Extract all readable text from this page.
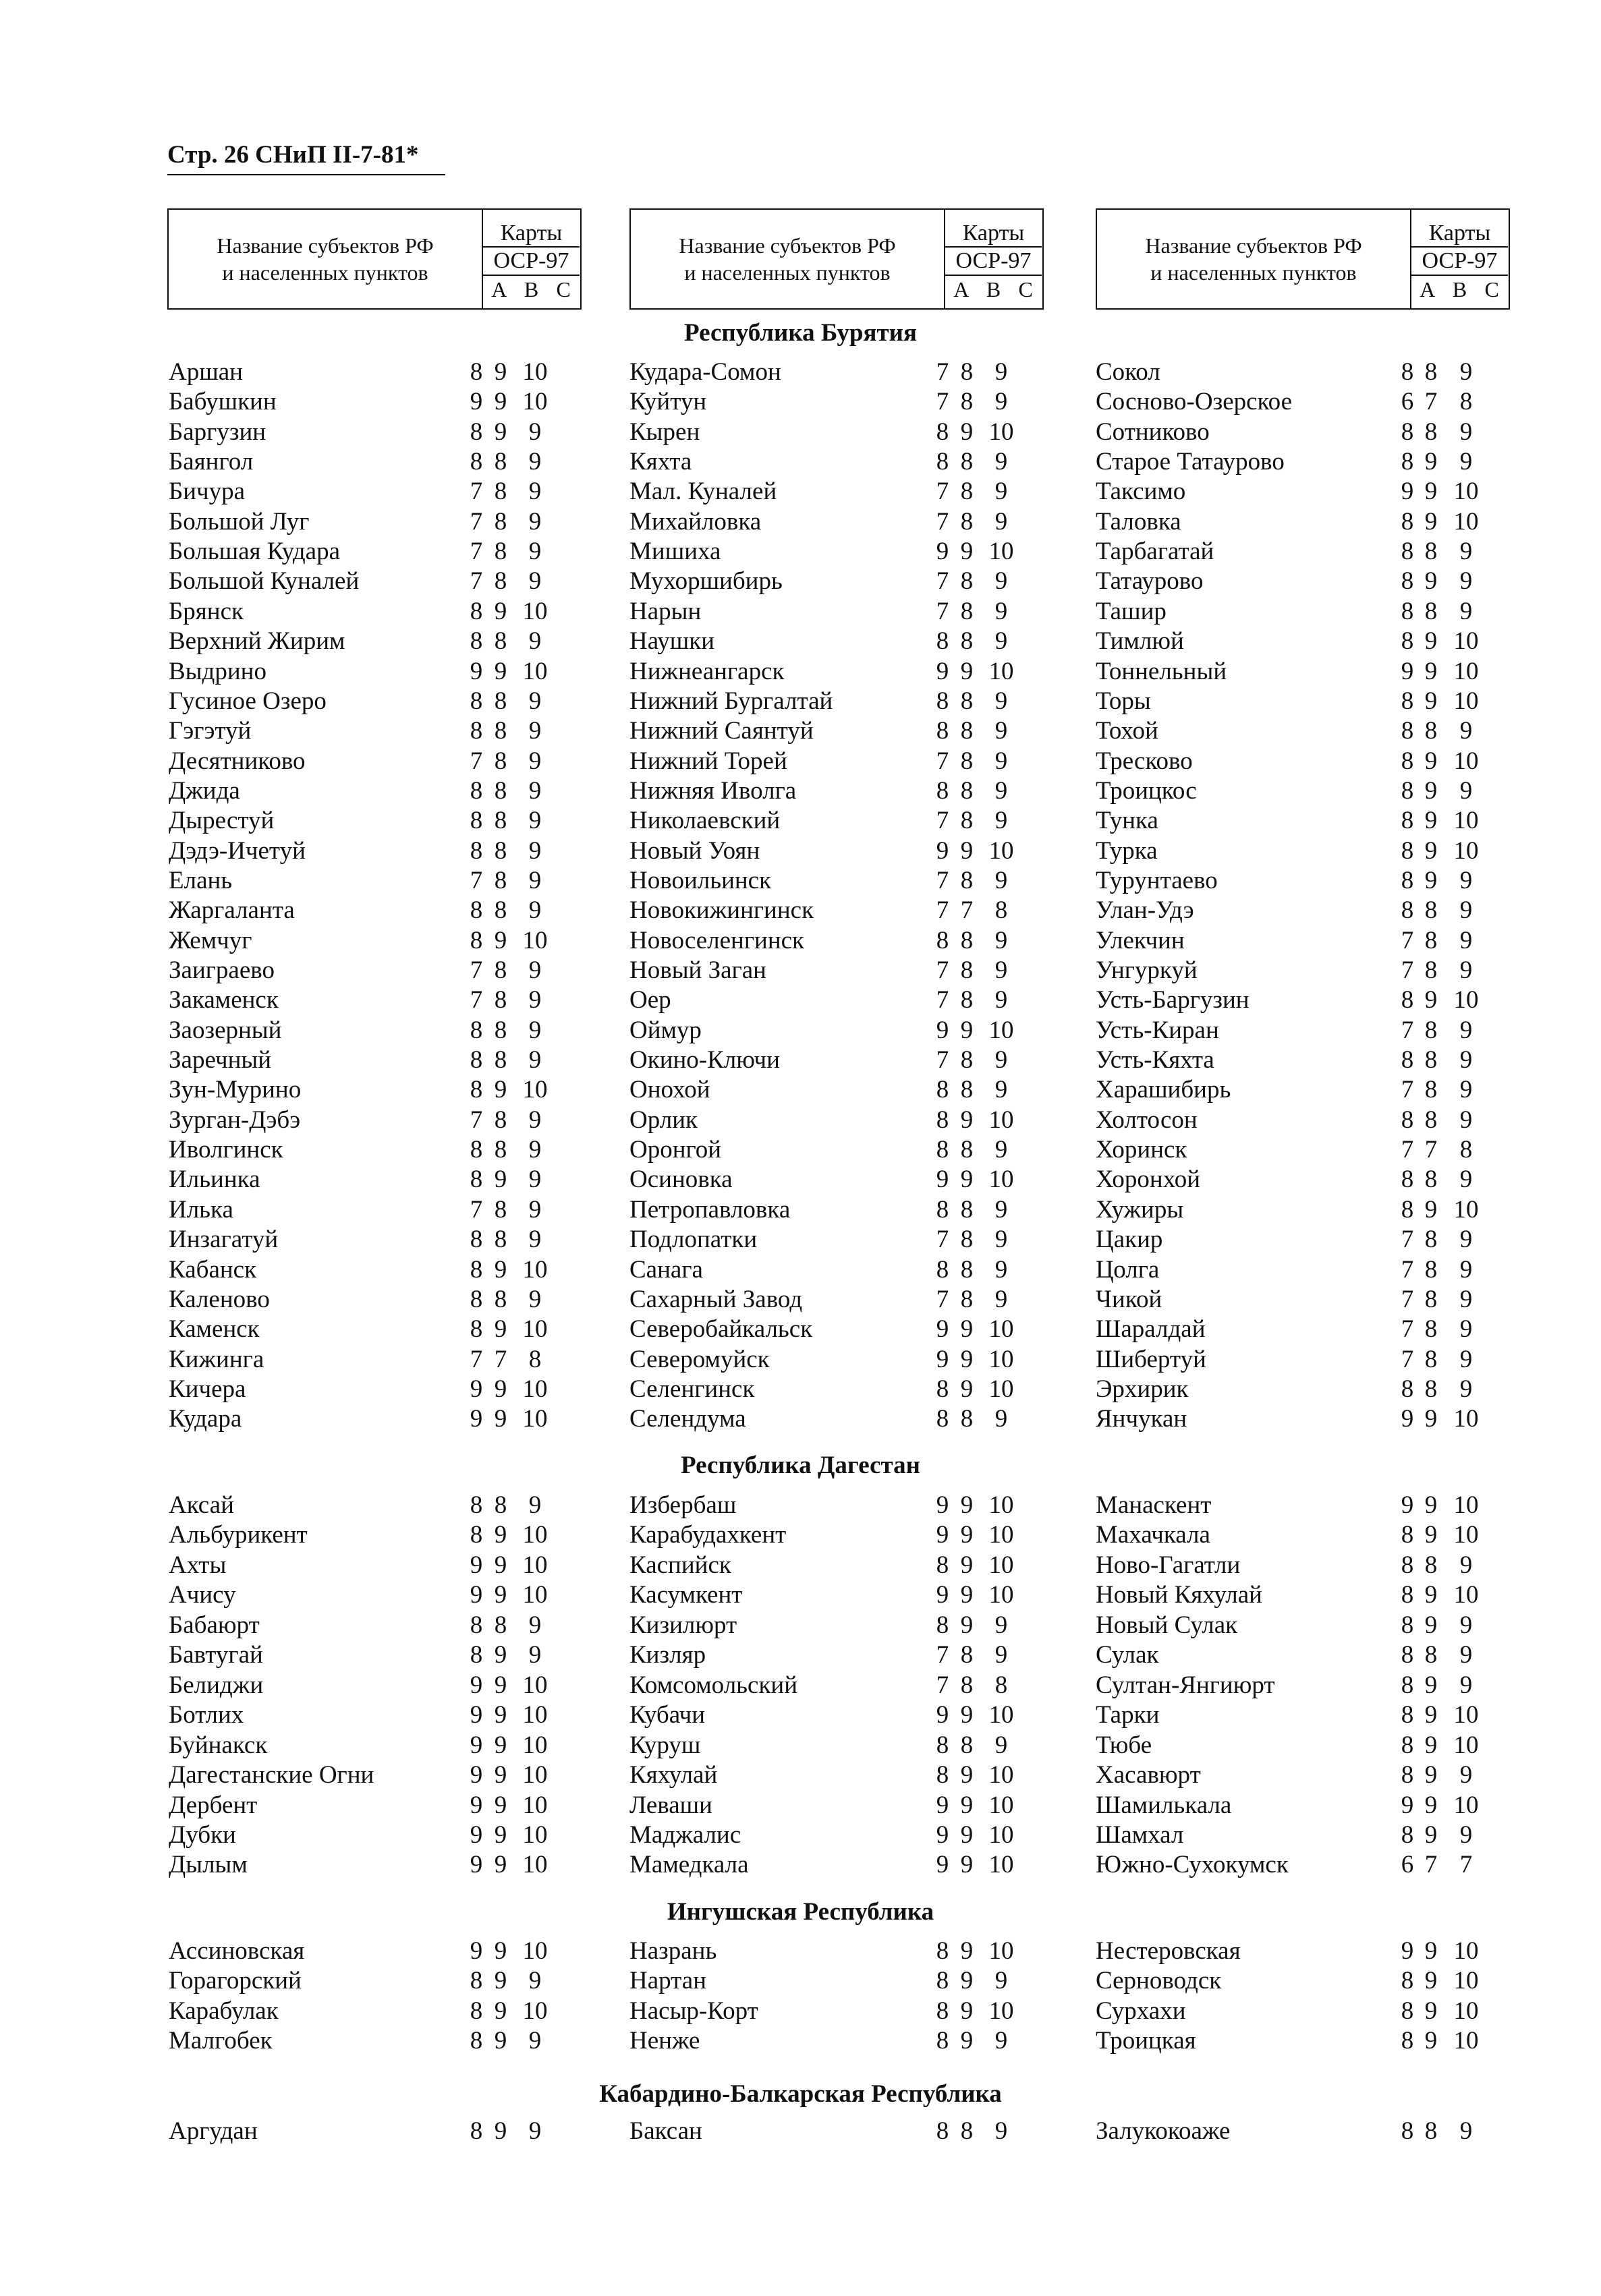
Стр. 26 СНиП II-7-81*
Название субъектов РФ
и населенных пунктов
Карты
ОСР-97
А В С
Название субъектов РФ
и населенных пунктов
Карты
ОСР-97
А В С
Название субъектов РФ
и населенных пунктов
Карты
ОСР-97
А В С
Республика Бурятия
Республика Дагестан
Ингушская Республика
Кабардино-Балкарская Республика
Аршан	8 9 10
Бабушкин	9 9 10
Баргузин	8 9 9
Баянгол	8 8 9
Бичура	7 8 9
Большой Луг	7 8 9
Большая Кудара	7 8 9
Большой Куналей	7 8 9
Брянск	8 9 10
Верхний Жирим	8 8 9
Выдрино	9 9 10
Гусиное Озеро	8 8 9
Гэгэтуй	8 8 9
Десятниково	7 8 9
Джида	8 8 9
Дырестуй	8 8 9
Дэдэ-Ичетуй	8 8 9
Елань	7 8 9
Жаргаланта	8 8 9
Жемчуг	8 9 10
Заиграево	7 8 9
Закаменск	7 8 9
Заозерный	8 8 9
Заречный	8 8 9
Зун-Мурино	8 9 10
Зурган-Дэбэ	7 8 9
Иволгинск	8 8 9
Ильинка	8 9 9
Илька	7 8 9
Инзагатуй	8 8 9
Кабанск	8 9 10
Каленово	8 8 9
Каменск	8 9 10
Кижинга	7 7 8
Кичера	9 9 10
Кудара	9 9 10
Кудара-Сомон	7 8 9
Куйтун	7 8 9
Кырен	8 9 10
Кяхта	8 8 9
Мал. Куналей	7 8 9
Михайловка	7 8 9
Мишиха	9 9 10
Мухоршибирь	7 8 9
Нарын	7 8 9
Наушки	8 8 9
Нижнеангарск	9 9 10
Нижний Бургалтай	8 8 9
Нижний Саянтуй	8 8 9
Нижний Торей	7 8 9
Нижняя Иволга	8 8 9
Николаевский	7 8 9
Новый Уоян	9 9 10
Новоильинск	7 8 9
Новокижингинск	7 7 8
Новоселенгинск	8 8 9
Новый Заган	7 8 9
Оер	7 8 9
Оймур	9 9 10
Окино-Ключи	7 8 9
Онохой	8 8 9
Орлик	8 9 10
Оронгой	8 8 9
Осиновка	9 9 10
Петропавловка	8 8 9
Подлопатки	7 8 9
Санага	8 8 9
Сахарный Завод	7 8 9
Северобайкальск	9 9 10
Северомуйск	9 9 10
Селенгинск	8 9 10
Селендума	8 8 9
Сокол	8 8 9
Сосново-Озерское	6 7 8
Сотниково	8 8 9
Старое Татаурово	8 9 9
Таксимо	9 9 10
Таловка	8 9 10
Тарбагатай	8 8 9
Татаурово	8 9 9
Ташир	8 8 9
Тимлюй	8 9 10
Тоннельный	9 9 10
Торы	8 9 10
Тохой	8 8 9
Тресково	8 9 10
Троицкос	8 9 9
Тунка	8 9 10
Турка	8 9 10
Турунтаево	8 9 9
Улан-Удэ	8 8 9
Улекчин	7 8 9
Унгуркуй	7 8 9
Усть-Баргузин	8 9 10
Усть-Киран	7 8 9
Усть-Кяхта	8 8 9
Харашибирь	7 8 9
Холтосон	8 8 9
Хоринск	7 7 8
Хоронхой	8 8 9
Хужиры	8 9 10
Цакир	7 8 9
Цолга	7 8 9
Чикой	7 8 9
Шаралдай	7 8 9
Шибертуй	7 8 9
Эрхирик	8 8 9
Янчукан	9 9 10
Аксай	8 8 9
Альбурикент	8 9 10
Ахты	9 9 10
Ачису	9 9 10
Бабаюрт	8 8 9
Бавтугай	8 9 9
Белиджи	9 9 10
Ботлих	9 9 10
Буйнакск	9 9 10
Дагестанские Огни	9 9 10
Дербент	9 9 10
Дубки	9 9 10
Дылым	9 9 10
Избербаш	9 9 10
Карабудахкент	9 9 10
Каспийск	8 9 10
Касумкент	9 9 10
Кизилюрт	8 9 9
Кизляр	7 8 9
Комсомольский	7 8 8
Кубачи	9 9 10
Куруш	8 8 9
Кяхулай	8 9 10
Леваши	9 9 10
Маджалис	9 9 10
Мамедкала	9 9 10
Манаскент	9 9 10
Махачкала	8 9 10
Ново-Гагатли	8 8 9
Новый Кяхулай	8 9 10
Новый Сулак	8 9 9
Сулак	8 8 9
Султан-Янгиюрт	8 9 9
Тарки	8 9 10
Тюбе	8 9 10
Хасавюрт	8 9 9
Шамилькала	9 9 10
Шамхал	8 9 9
Южно-Сухокумск	6 7 7
Ассиновская	9 9 10
Горагорский	8 9 9
Карабулак	8 9 10
Малгобек	8 9 9
Назрань	8 9 10
Нартан	8 9 9
Насыр-Корт	8 9 10
Ненже	8 9 9
Нестеровская	9 9 10
Серноводск	8 9 10
Сурхахи	8 9 10
Троицкая	8 9 10
Аргудан	8 9 9	Баксан	8 8 9	Залукокоаже	8 8 9
